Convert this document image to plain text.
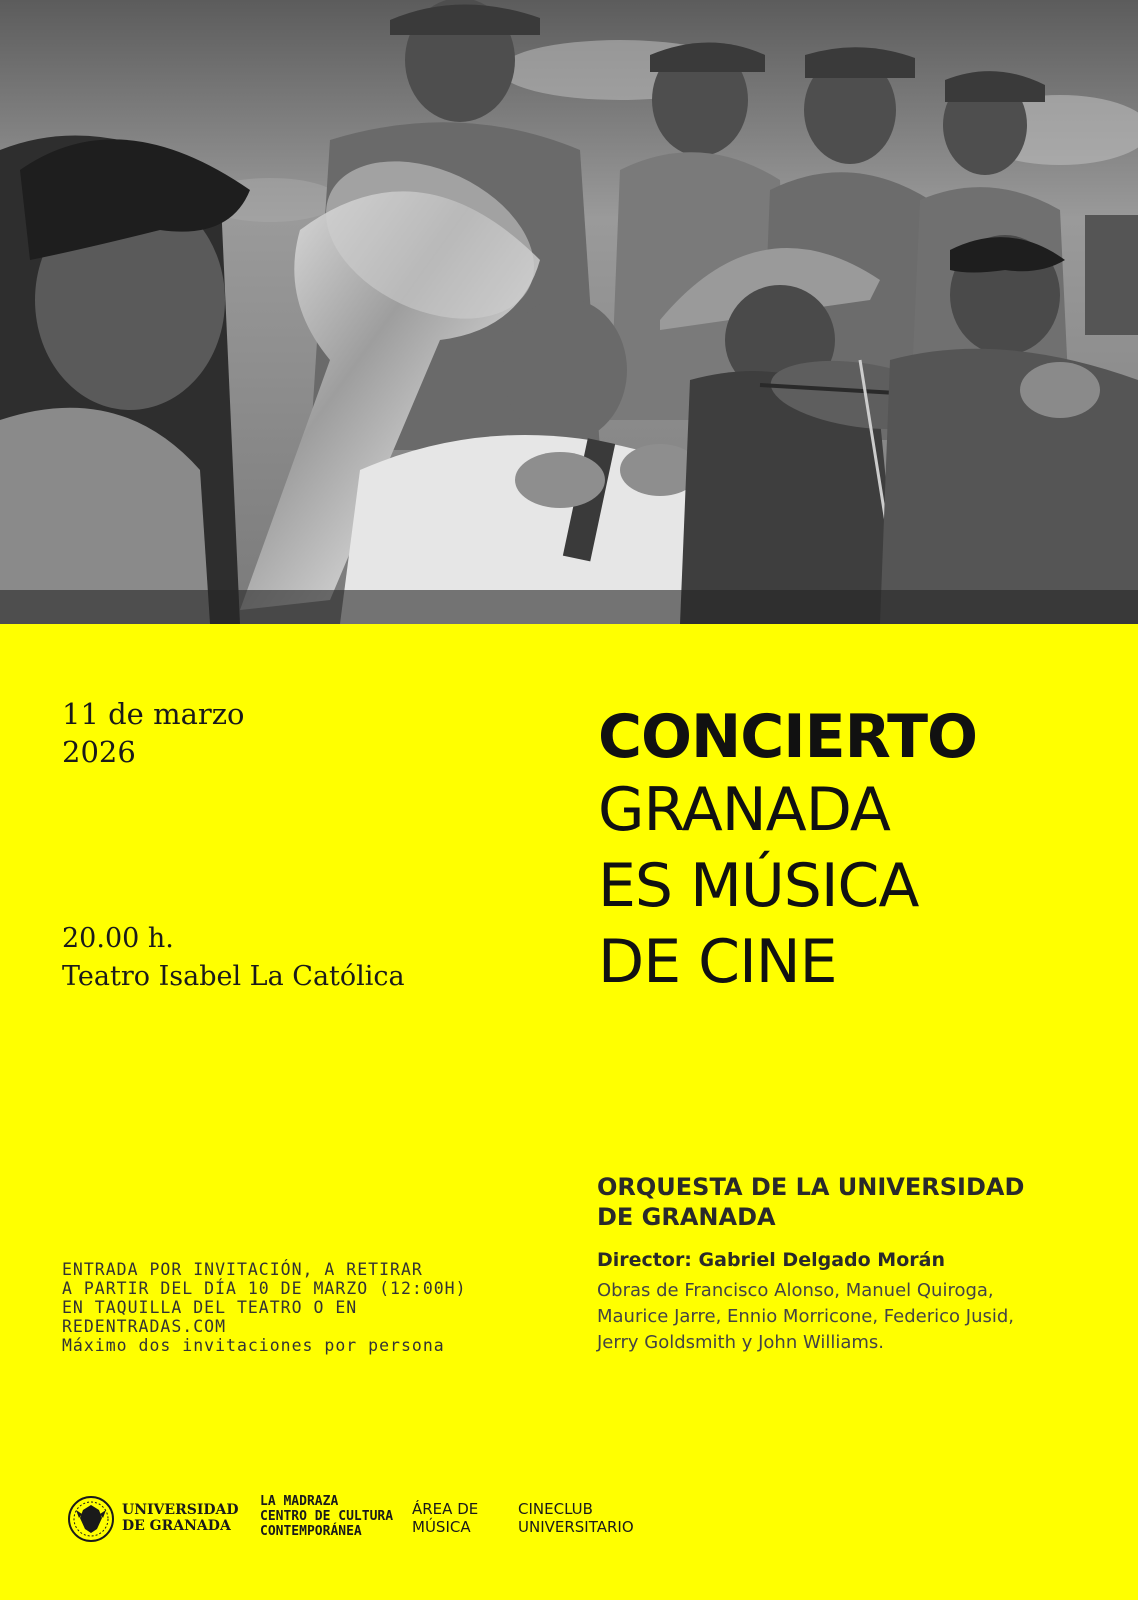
11 de marzo
2026
20.00 h.
Teatro Isabel La Católica
CONCIERTO
GRANADA
ES MÚSICA
DE CINE
ORQUESTA DE LA UNIVERSIDAD
DE GRANADA
Director: Gabriel Delgado Morán
Obras de Francisco Alonso, Manuel Quiroga,
Maurice Jarre, Ennio Morricone, Federico Jusid,
Jerry Goldsmith y John Williams.
ENTRADA POR INVITACIÓN, A RETIRAR
A PARTIR DEL DÍA 10 DE MARZO (12:00H)
EN TAQUILLA DEL TEATRO O EN
REDENTRADAS.COM
Máximo dos invitaciones por persona
UNIVERSIDAD
DE GRANADA
LA MADRAZA
CENTRO DE CULTURA
CONTEMPORÁNEA
ÁREA DE
MÚSICA
CINECLUB
UNIVERSITARIO
